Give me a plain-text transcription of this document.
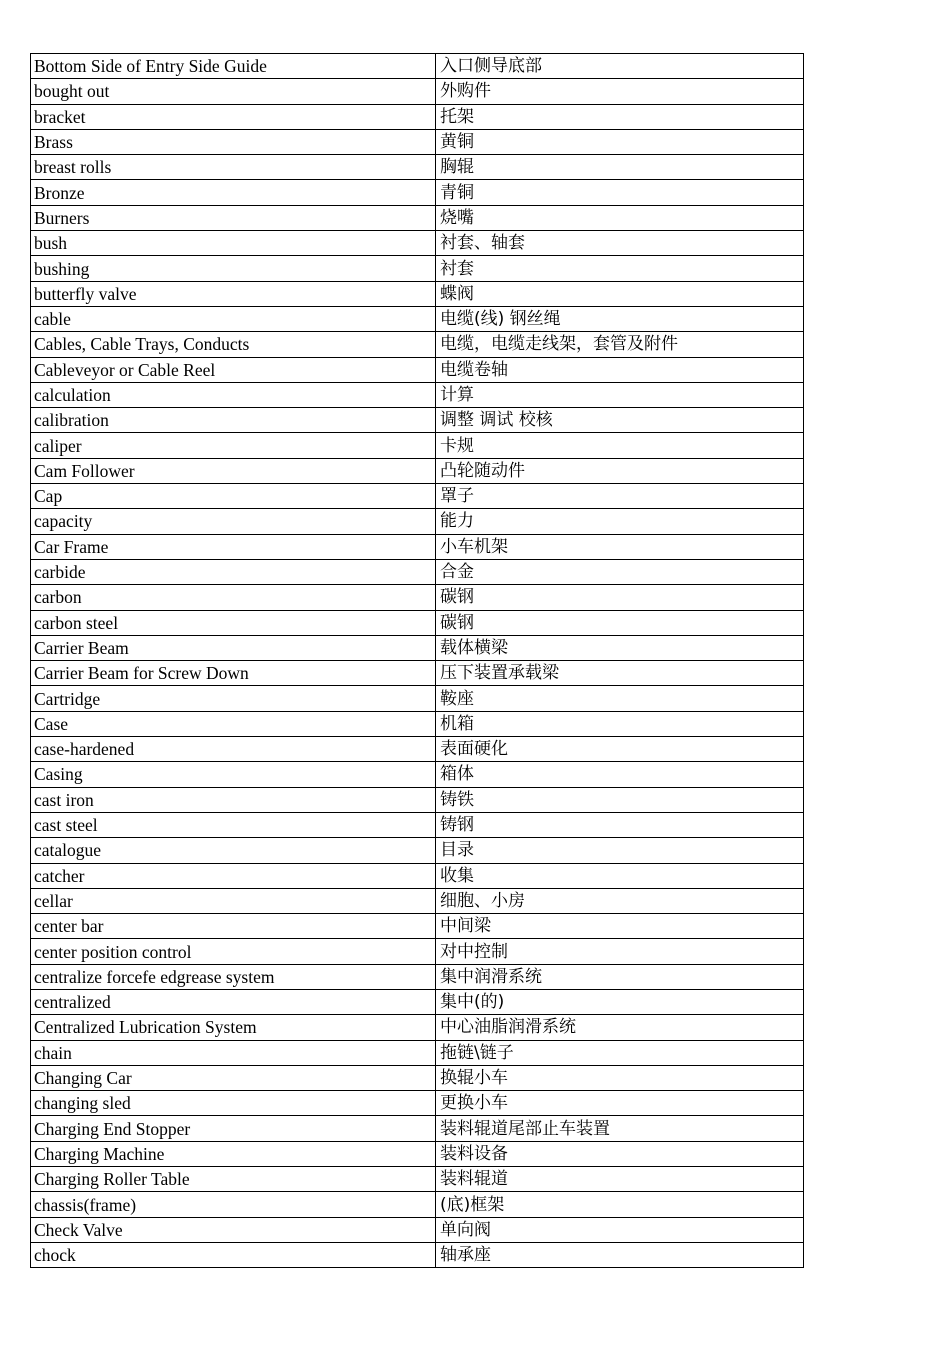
Bottom Side of Entry Side Guide	入口侧导底部
bought out	外购件
bracket	托架
Brass	黄铜
breast rolls	胸辊
Bronze	青铜
Burners	烧嘴
bush	衬套、轴套
bushing	衬套
butterfly valve	蝶阀
cable	电缆(线) 钢丝绳
Cables, Cable Trays, Conducts	电缆，电缆走线架，套管及附件
Cableveyor or Cable Reel	电缆卷轴
calculation	计算
calibration	调整 调试 校核
caliper	卡规
Cam Follower	凸轮随动件
Cap	罩子
capacity	能力
Car Frame	小车机架
carbide	合金
carbon	碳钢
carbon steel	碳钢
Carrier Beam	载体横梁
Carrier Beam for Screw Down	压下装置承载梁
Cartridge	鞍座
Case	机箱
case-hardened	表面硬化
Casing	箱体
cast iron	铸铁
cast steel	铸钢
catalogue	目录
catcher	收集
cellar	细胞、小房
center bar	中间梁
center position control	对中控制
centralize forcefe edgrease system	集中润滑系统
centralized	集中(的)
Centralized Lubrication System	中心油脂润滑系统
chain	拖链\链子
Changing Car	换辊小车
changing sled	更换小车
Charging End Stopper	装料辊道尾部止车装置
Charging Machine	装料设备
Charging Roller Table	装料辊道
chassis(frame)	(底)框架
Check Valve	单向阀
chock	轴承座
